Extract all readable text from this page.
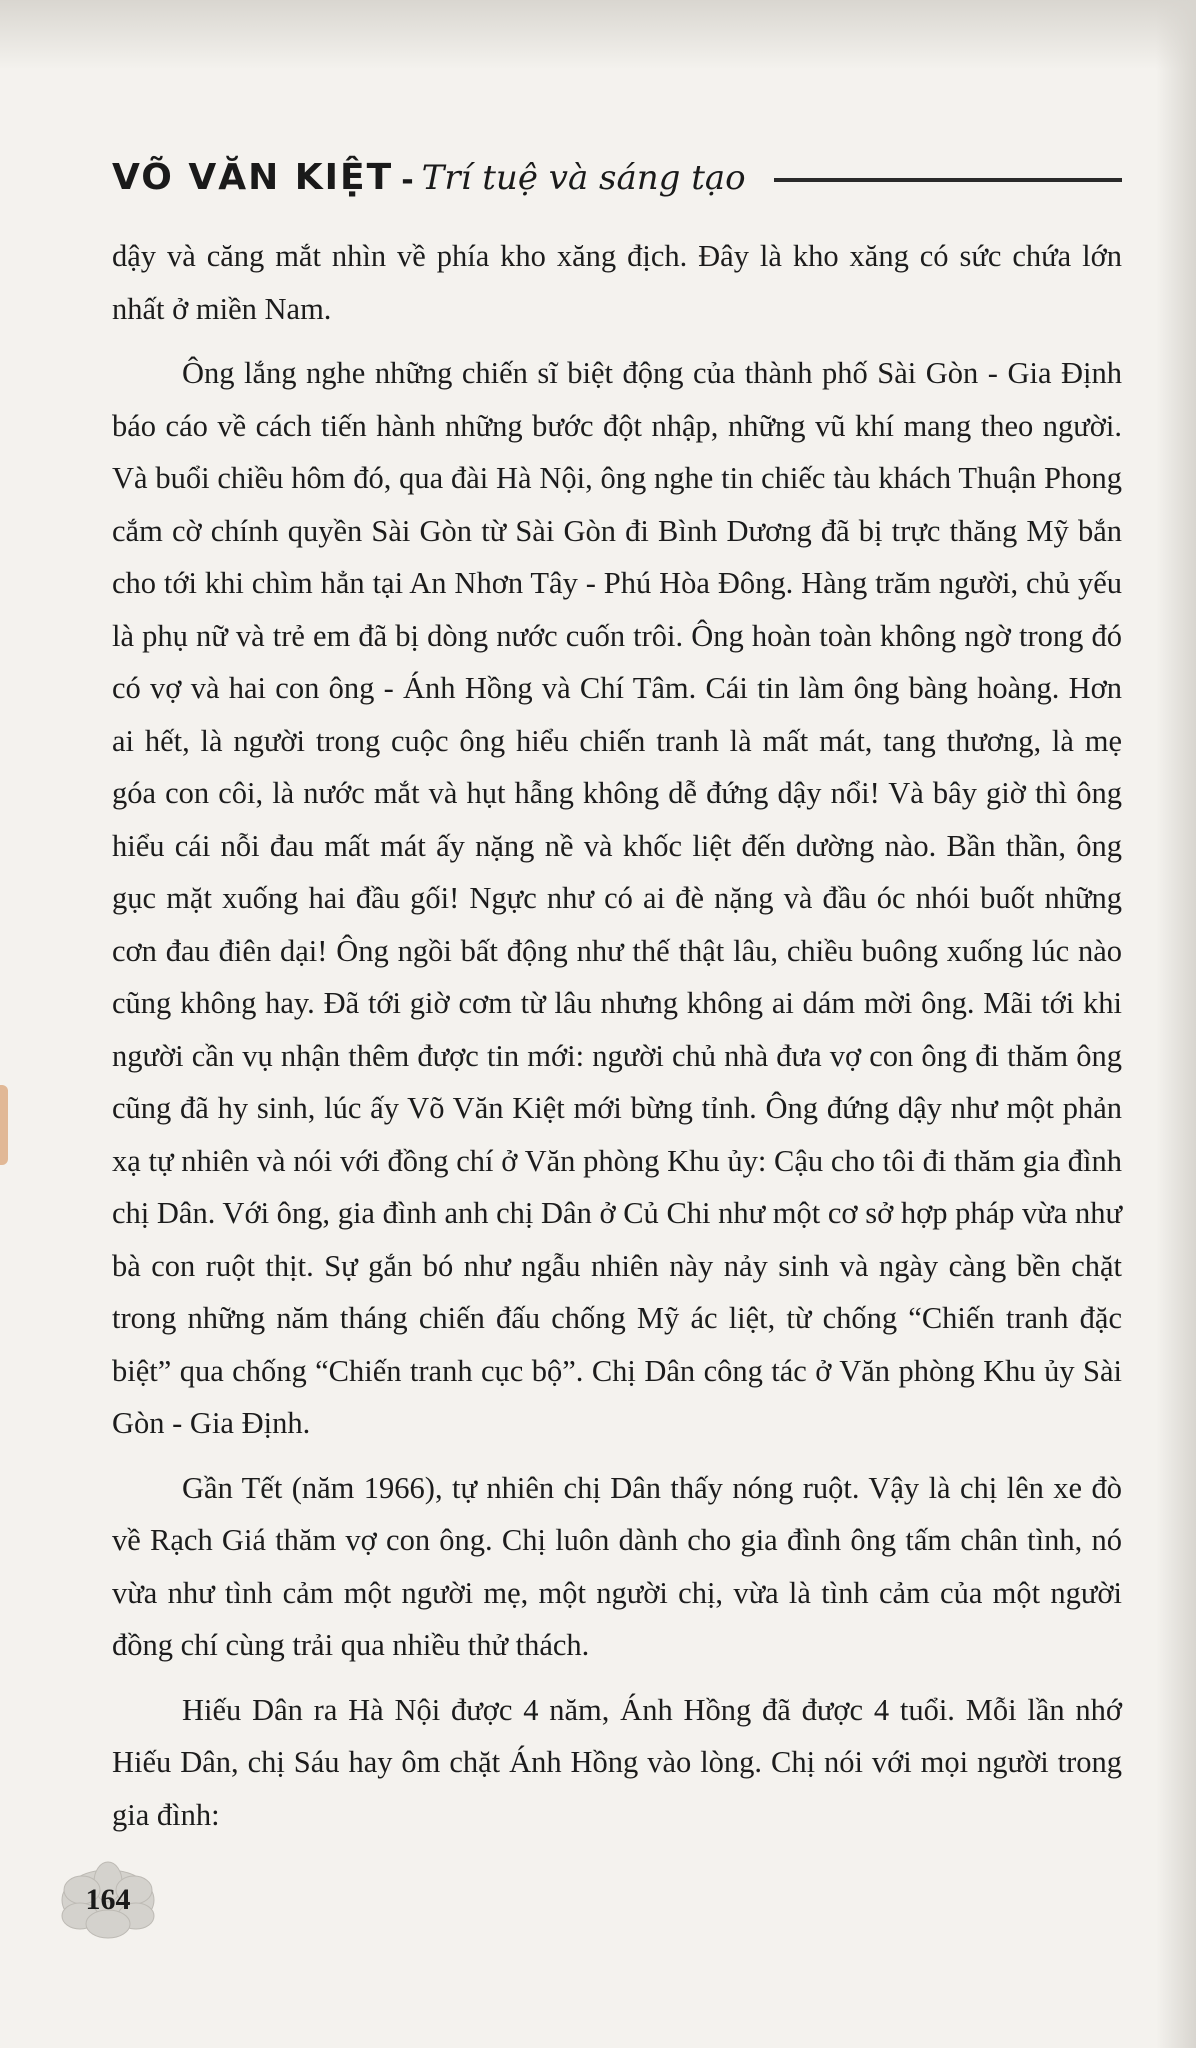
VÕ VĂN KIỆT - Trí tuệ và sáng tạo

dậy và căng mắt nhìn về phía kho xăng địch. Đây là kho xăng có sức chứa lớn nhất ở miền Nam.

Ông lắng nghe những chiến sĩ biệt động của thành phố Sài Gòn - Gia Định báo cáo về cách tiến hành những bước đột nhập, những vũ khí mang theo người. Và buổi chiều hôm đó, qua đài Hà Nội, ông nghe tin chiếc tàu khách Thuận Phong cắm cờ chính quyền Sài Gòn từ Sài Gòn đi Bình Dương đã bị trực thăng Mỹ bắn cho tới khi chìm hẳn tại An Nhơn Tây - Phú Hòa Đông. Hàng trăm người, chủ yếu là phụ nữ và trẻ em đã bị dòng nước cuốn trôi. Ông hoàn toàn không ngờ trong đó có vợ và hai con ông - Ánh Hồng và Chí Tâm. Cái tin làm ông bàng hoàng. Hơn ai hết, là người trong cuộc ông hiểu chiến tranh là mất mát, tang thương, là mẹ góa con côi, là nước mắt và hụt hẫng không dễ đứng dậy nổi! Và bây giờ thì ông hiểu cái nỗi đau mất mát ấy nặng nề và khốc liệt đến dường nào. Bần thần, ông gục mặt xuống hai đầu gối! Ngực như có ai đè nặng và đầu óc nhói buốt những cơn đau điên dại! Ông ngồi bất động như thế thật lâu, chiều buông xuống lúc nào cũng không hay. Đã tới giờ cơm từ lâu nhưng không ai dám mời ông. Mãi tới khi người cần vụ nhận thêm được tin mới: người chủ nhà đưa vợ con ông đi thăm ông cũng đã hy sinh, lúc ấy Võ Văn Kiệt mới bừng tỉnh. Ông đứng dậy như một phản xạ tự nhiên và nói với đồng chí ở Văn phòng Khu ủy: Cậu cho tôi đi thăm gia đình chị Dân. Với ông, gia đình anh chị Dân ở Củ Chi như một cơ sở hợp pháp vừa như bà con ruột thịt. Sự gắn bó như ngẫu nhiên này nảy sinh và ngày càng bền chặt trong những năm tháng chiến đấu chống Mỹ ác liệt, từ chống “Chiến tranh đặc biệt” qua chống “Chiến tranh cục bộ”. Chị Dân công tác ở Văn phòng Khu ủy Sài Gòn - Gia Định.

Gần Tết (năm 1966), tự nhiên chị Dân thấy nóng ruột. Vậy là chị lên xe đò về Rạch Giá thăm vợ con ông. Chị luôn dành cho gia đình ông tấm chân tình, nó vừa như tình cảm một người mẹ, một người chị, vừa là tình cảm của một người đồng chí cùng trải qua nhiều thử thách.

Hiếu Dân ra Hà Nội được 4 năm, Ánh Hồng đã được 4 tuổi. Mỗi lần nhớ Hiếu Dân, chị Sáu hay ôm chặt Ánh Hồng vào lòng. Chị nói với mọi người trong gia đình:

164
